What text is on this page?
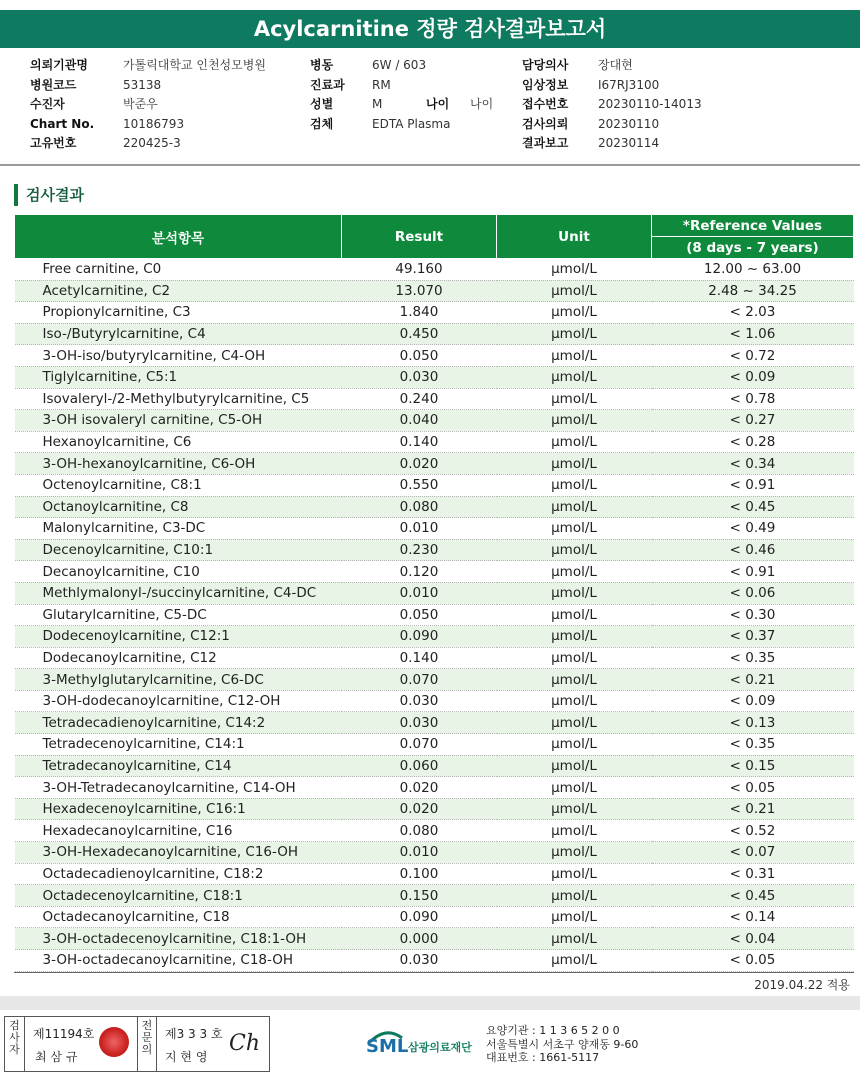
Acylcarnitine 정량 검사결과보고서
의뢰기관명	가톨릭대학교 인천성모병원
병원코드	53138
수진자	박준우
Chart No. 10186793
고유번호	220425-3
병동	6W / 603
진료과 RM
성별	M	나이 나이
검체	EDTA Plasma
담당의사 장대현
임상정보 I67RJ3100
접수번호 20230110-14013
검사의뢰 20230110
결과보고 20230114
검사결과
분석항목	Result	Unit	*Reference Values
			(8 days - 7 years)
Free carnitine, C0	49.160	µmol/L	12.00 ~ 63.00
Acetylcarnitine, C2	13.070	µmol/L	2.48 ~ 34.25
Propionylcarnitine, C3	1.840	µmol/L	< 2.03
Iso-/Butyrylcarnitine, C4	0.450	µmol/L	< 1.06
3-OH-iso/butyrylcarnitine, C4-OH	0.050	µmol/L	< 0.72
Tiglylcarnitine, C5:1	0.030	µmol/L	< 0.09
Isovaleryl-/2-Methylbutyrylcarnitine, C5	0.240	µmol/L	< 0.78
3-OH isovaleryl carnitine, C5-OH	0.040	µmol/L	< 0.27
Hexanoylcarnitine, C6	0.140	µmol/L	< 0.28
3-OH-hexanoylcarnitine, C6-OH	0.020	µmol/L	< 0.34
Octenoylcarnitine, C8:1	0.550	µmol/L	< 0.91
Octanoylcarnitine, C8	0.080	µmol/L	< 0.45
Malonylcarnitine, C3-DC	0.010	µmol/L	< 0.49
Decenoylcarnitine, C10:1	0.230	µmol/L	< 0.46
Decanoylcarnitine, C10	0.120	µmol/L	< 0.91
Methlymalonyl-/succinylcarnitine, C4-DC	0.010	µmol/L	< 0.06
Glutarylcarnitine, C5-DC	0.050	µmol/L	< 0.30
Dodecenoylcarnitine, C12:1	0.090	µmol/L	< 0.37
Dodecanoylcarnitine, C12	0.140	µmol/L	< 0.35
3-Methylglutarylcarnitine, C6-DC	0.070	µmol/L	< 0.21
3-OH-dodecanoylcarnitine, C12-OH	0.030	µmol/L	< 0.09
Tetradecadienoylcarnitine, C14:2	0.030	µmol/L	< 0.13
Tetradecenoylcarnitine, C14:1	0.070	µmol/L	< 0.35
Tetradecanoylcarnitine, C14	0.060	µmol/L	< 0.15
3-OH-Tetradecanoylcarnitine, C14-OH	0.020	µmol/L	< 0.05
Hexadecenoylcarnitine, C16:1	0.020	µmol/L	< 0.21
Hexadecanoylcarnitine, C16	0.080	µmol/L	< 0.52
3-OH-Hexadecanoylcarnitine, C16-OH	0.010	µmol/L	< 0.07
Octadecadienoylcarnitine, C18:2	0.100	µmol/L	< 0.31
Octadecenoylcarnitine, C18:1	0.150	µmol/L	< 0.45
Octadecanoylcarnitine, C18	0.090	µmol/L	< 0.14
3-OH-octadecenoylcarnitine, C18:1-OH	0.000	µmol/L	< 0.04
3-OH-octadecanoylcarnitine, C18-OH	0.030	µmol/L	< 0.05
2019.04.22 적용
검사자
제11194호
최 삼 규
전문의
제3 3 3 호
지 현 영
Ch	SML 삼광의료재단
요양기관 : 1 1 3 6 5 2 0 0
서울특별시 서초구 양재동 9-60
대표번호 : 1661-5117
